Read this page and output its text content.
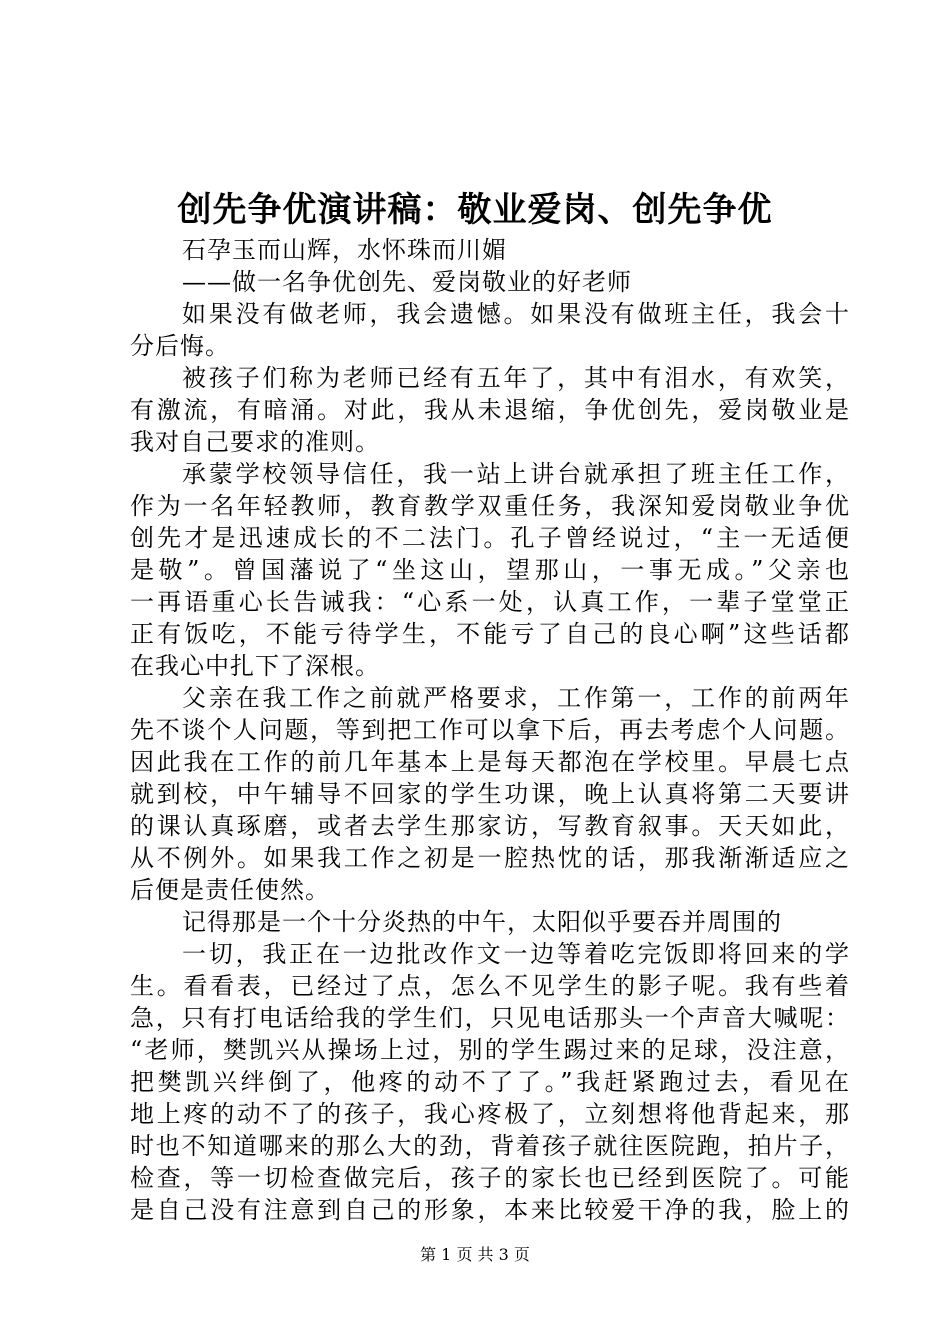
创先争优演讲稿：敬业爱岗、创先争优
石孕玉而山辉，水怀珠而川媚
——做一名争优创先、爱岗敬业的好老师
如果没有做老师，我会遗憾。如果没有做班主任，我会十
分后悔。
被孩子们称为老师已经有五年了，其中有泪水，有欢笑，
有激流，有暗涌。对此，我从未退缩，争优创先，爱岗敬业是
我对自己要求的准则。
承蒙学校领导信任，我一站上讲台就承担了班主任工作，
作为一名年轻教师，教育教学双重任务，我深知爱岗敬业争优
创先才是迅速成长的不二法门。孔子曾经说过，“主一无适便
是敬”。曾国藩说了“坐这山，望那山，一事无成。”父亲也
一再语重心长告诫我：“心系一处，认真工作，一辈子堂堂正
正有饭吃，不能亏待学生，不能亏了自己的良心啊”这些话都
在我心中扎下了深根。
父亲在我工作之前就严格要求，工作第一，工作的前两年
先不谈个人问题，等到把工作可以拿下后，再去考虑个人问题。
因此我在工作的前几年基本上是每天都泡在学校里。早晨七点
就到校，中午辅导不回家的学生功课，晚上认真将第二天要讲
的课认真琢磨，或者去学生那家访，写教育叙事。天天如此，
从不例外。如果我工作之初是一腔热忱的话，那我渐渐适应之
后便是责任使然。
记得那是一个十分炎热的中午，太阳似乎要吞并周围的
一切，我正在一边批改作文一边等着吃完饭即将回来的学
生。看看表，已经过了点，怎么不见学生的影子呢。我有些着
急，只有打电话给我的学生们，只见电话那头一个声音大喊呢：
“老师，樊凯兴从操场上过，别的学生踢过来的足球，没注意，
把樊凯兴绊倒了，他疼的动不了了。”我赶紧跑过去，看见在
地上疼的动不了的孩子，我心疼极了，立刻想将他背起来，那
时也不知道哪来的那么大的劲，背着孩子就往医院跑，拍片子，
检查，等一切检查做完后，孩子的家长也已经到医院了。可能
是自己没有注意到自己的形象，本来比较爱干净的我，脸上的
第 1 页 共 3 页
